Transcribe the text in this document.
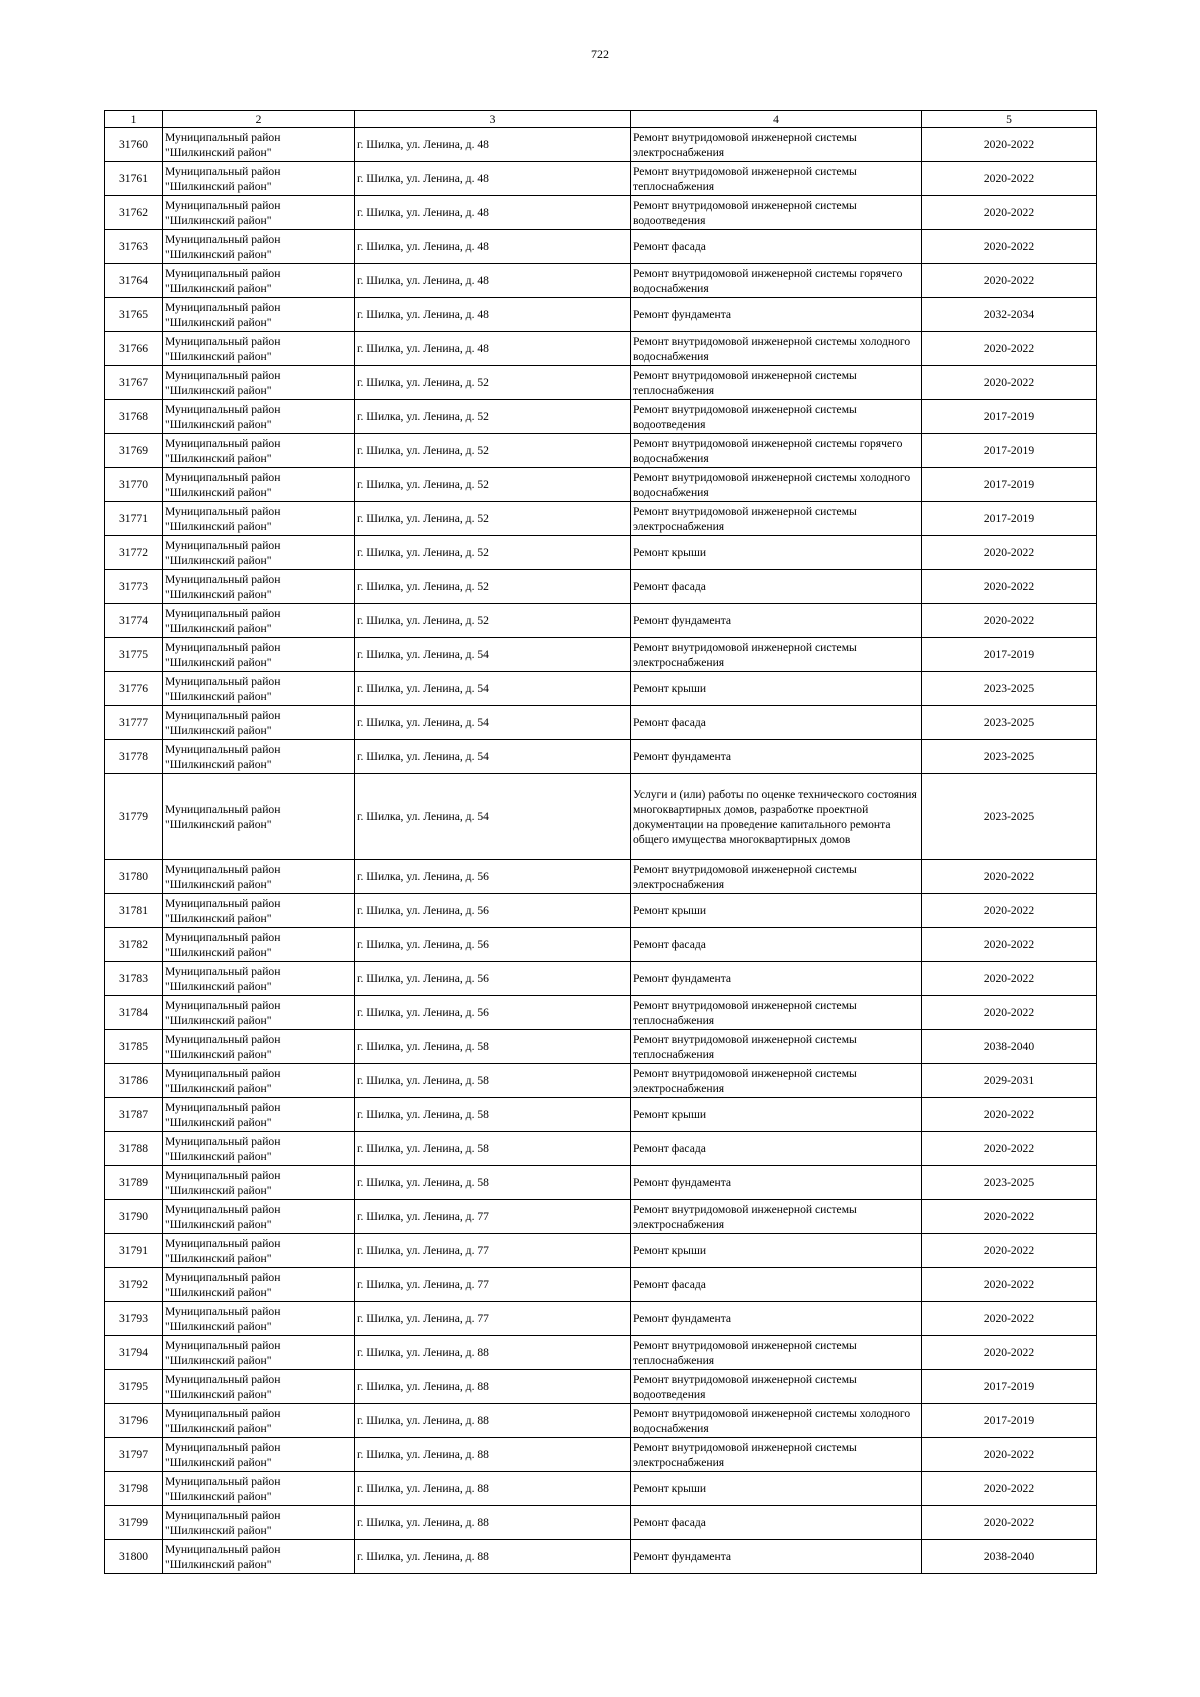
722
1	2	3	4	5
31760	Муниципальный район "Шилкинский район"	г. Шилка, ул. Ленина, д. 48	Ремонт внутридомовой инженерной системы электроснабжения	2020-2022
31761	Муниципальный район "Шилкинский район"	г. Шилка, ул. Ленина, д. 48	Ремонт внутридомовой инженерной системы теплоснабжения	2020-2022
31762	Муниципальный район "Шилкинский район"	г. Шилка, ул. Ленина, д. 48	Ремонт внутридомовой инженерной системы водоотведения	2020-2022
31763	Муниципальный район "Шилкинский район"	г. Шилка, ул. Ленина, д. 48	Ремонт фасада	2020-2022
31764	Муниципальный район "Шилкинский район"	г. Шилка, ул. Ленина, д. 48	Ремонт внутридомовой инженерной системы горячего водоснабжения	2020-2022
31765	Муниципальный район "Шилкинский район"	г. Шилка, ул. Ленина, д. 48	Ремонт фундамента	2032-2034
31766	Муниципальный район "Шилкинский район"	г. Шилка, ул. Ленина, д. 48	Ремонт внутридомовой инженерной системы холодного водоснабжения	2020-2022
31767	Муниципальный район "Шилкинский район"	г. Шилка, ул. Ленина, д. 52	Ремонт внутридомовой инженерной системы теплоснабжения	2020-2022
31768	Муниципальный район "Шилкинский район"	г. Шилка, ул. Ленина, д. 52	Ремонт внутридомовой инженерной системы водоотведения	2017-2019
31769	Муниципальный район "Шилкинский район"	г. Шилка, ул. Ленина, д. 52	Ремонт внутридомовой инженерной системы горячего водоснабжения	2017-2019
31770	Муниципальный район "Шилкинский район"	г. Шилка, ул. Ленина, д. 52	Ремонт внутридомовой инженерной системы холодного водоснабжения	2017-2019
31771	Муниципальный район "Шилкинский район"	г. Шилка, ул. Ленина, д. 52	Ремонт внутридомовой инженерной системы электроснабжения	2017-2019
31772	Муниципальный район "Шилкинский район"	г. Шилка, ул. Ленина, д. 52	Ремонт крыши	2020-2022
31773	Муниципальный район "Шилкинский район"	г. Шилка, ул. Ленина, д. 52	Ремонт фасада	2020-2022
31774	Муниципальный район "Шилкинский район"	г. Шилка, ул. Ленина, д. 52	Ремонт фундамента	2020-2022
31775	Муниципальный район "Шилкинский район"	г. Шилка, ул. Ленина, д. 54	Ремонт внутридомовой инженерной системы электроснабжения	2017-2019
31776	Муниципальный район "Шилкинский район"	г. Шилка, ул. Ленина, д. 54	Ремонт крыши	2023-2025
31777	Муниципальный район "Шилкинский район"	г. Шилка, ул. Ленина, д. 54	Ремонт фасада	2023-2025
31778	Муниципальный район "Шилкинский район"	г. Шилка, ул. Ленина, д. 54	Ремонт фундамента	2023-2025
31779	Муниципальный район "Шилкинский район"	г. Шилка, ул. Ленина, д. 54	Услуги и (или) работы по оценке технического состояния многоквартирных домов, разработке проектной документации на проведение капитального ремонта общего имущества многоквартирных домов	2023-2025
31780	Муниципальный район "Шилкинский район"	г. Шилка, ул. Ленина, д. 56	Ремонт внутридомовой инженерной системы электроснабжения	2020-2022
31781	Муниципальный район "Шилкинский район"	г. Шилка, ул. Ленина, д. 56	Ремонт крыши	2020-2022
31782	Муниципальный район "Шилкинский район"	г. Шилка, ул. Ленина, д. 56	Ремонт фасада	2020-2022
31783	Муниципальный район "Шилкинский район"	г. Шилка, ул. Ленина, д. 56	Ремонт фундамента	2020-2022
31784	Муниципальный район "Шилкинский район"	г. Шилка, ул. Ленина, д. 56	Ремонт внутридомовой инженерной системы теплоснабжения	2020-2022
31785	Муниципальный район "Шилкинский район"	г. Шилка, ул. Ленина, д. 58	Ремонт внутридомовой инженерной системы теплоснабжения	2038-2040
31786	Муниципальный район "Шилкинский район"	г. Шилка, ул. Ленина, д. 58	Ремонт внутридомовой инженерной системы электроснабжения	2029-2031
31787	Муниципальный район "Шилкинский район"	г. Шилка, ул. Ленина, д. 58	Ремонт крыши	2020-2022
31788	Муниципальный район "Шилкинский район"	г. Шилка, ул. Ленина, д. 58	Ремонт фасада	2020-2022
31789	Муниципальный район "Шилкинский район"	г. Шилка, ул. Ленина, д. 58	Ремонт фундамента	2023-2025
31790	Муниципальный район "Шилкинский район"	г. Шилка, ул. Ленина, д. 77	Ремонт внутридомовой инженерной системы электроснабжения	2020-2022
31791	Муниципальный район "Шилкинский район"	г. Шилка, ул. Ленина, д. 77	Ремонт крыши	2020-2022
31792	Муниципальный район "Шилкинский район"	г. Шилка, ул. Ленина, д. 77	Ремонт фасада	2020-2022
31793	Муниципальный район "Шилкинский район"	г. Шилка, ул. Ленина, д. 77	Ремонт фундамента	2020-2022
31794	Муниципальный район "Шилкинский район"	г. Шилка, ул. Ленина, д. 88	Ремонт внутридомовой инженерной системы теплоснабжения	2020-2022
31795	Муниципальный район "Шилкинский район"	г. Шилка, ул. Ленина, д. 88	Ремонт внутридомовой инженерной системы водоотведения	2017-2019
31796	Муниципальный район "Шилкинский район"	г. Шилка, ул. Ленина, д. 88	Ремонт внутридомовой инженерной системы холодного водоснабжения	2017-2019
31797	Муниципальный район "Шилкинский район"	г. Шилка, ул. Ленина, д. 88	Ремонт внутридомовой инженерной системы электроснабжения	2020-2022
31798	Муниципальный район "Шилкинский район"	г. Шилка, ул. Ленина, д. 88	Ремонт крыши	2020-2022
31799	Муниципальный район "Шилкинский район"	г. Шилка, ул. Ленина, д. 88	Ремонт фасада	2020-2022
31800	Муниципальный район "Шилкинский район"	г. Шилка, ул. Ленина, д. 88	Ремонт фундамента	2038-2040
